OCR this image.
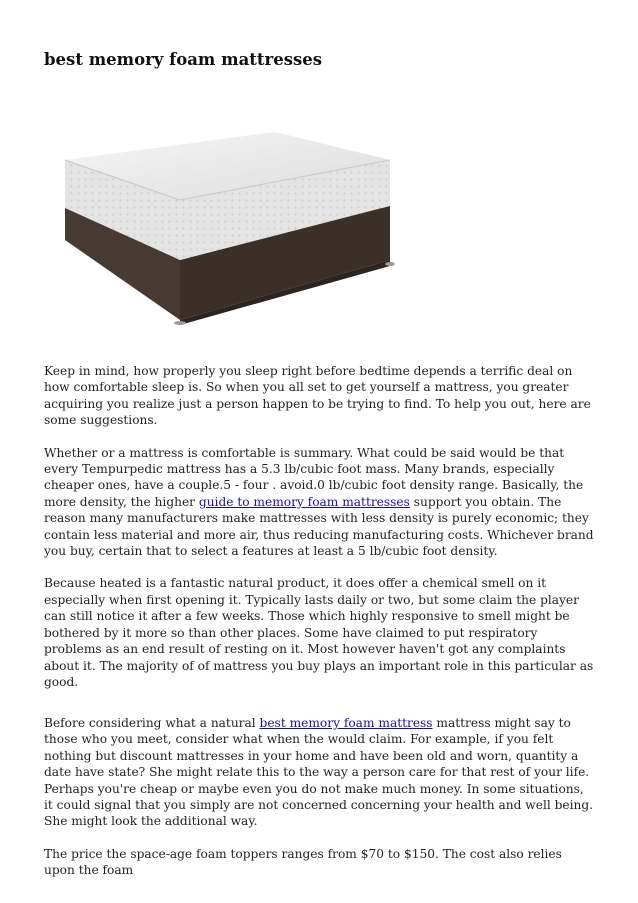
best memory foam mattresses

Keep in mind, how properly you sleep right before bedtime depends a terrific deal on how comfortable sleep is. So when you all set to get yourself a mattress, you greater acquiring you realize just a person happen to be trying to find. To help you out, here are some suggestions.

Whether or a mattress is comfortable is summary. What could be said would be that every Tempurpedic mattress has a 5.3 lb/cubic foot mass. Many brands, especially cheaper ones, have a couple.5 - four . avoid.0 lb/cubic foot density range. Basically, the more density, the higher guide to memory foam mattresses support you obtain. The reason many manufacturers make mattresses with less density is purely economic; they contain less material and more air, thus reducing manufacturing costs. Whichever brand you buy, certain that to select a features at least a 5 lb/cubic foot density.

Because heated is a fantastic natural product, it does offer a chemical smell on it especially when first opening it. Typically lasts daily or two, but some claim the player can still notice it after a few weeks. Those which highly responsive to smell might be bothered by it more so than other places. Some have claimed to put respiratory problems as an end result of resting on it. Most however haven't got any complaints about it. The majority of of mattress you buy plays an important role in this particular as good.

Before considering what a natural best memory foam mattress mattress might say to those who you meet, consider what when the would claim. For example, if you felt nothing but discount mattresses in your home and have been old and worn, quantity a date have state? She might relate this to the way a person care for that rest of your life. Perhaps you're cheap or maybe even you do not make much money. In some situations, it could signal that you simply are not concerned concerning your health and well being. She might look the additional way.

The price the space-age foam toppers ranges from $70 to $150. The cost also relies upon the foam
